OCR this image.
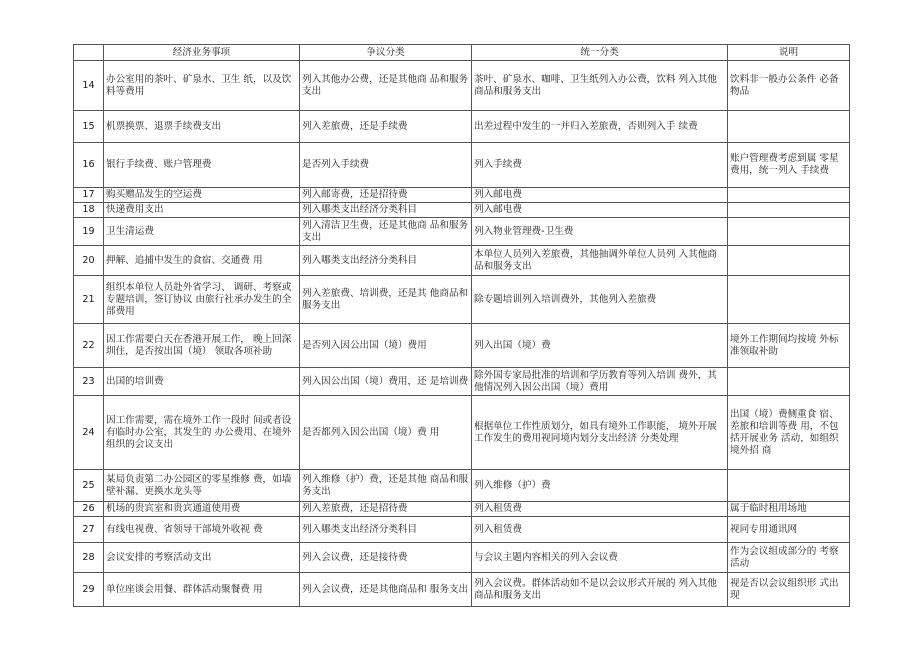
	经济业务事项	争议分类	统一分类	说明
14	办公室用的茶叶、矿泉水、卫生 纸，以及饮料等费用	列入其他办公费，还是其他商 品和服务支出	茶叶、矿泉水、咖啡、卫生纸列入办公费，饮料 列入其他商品和服务支出	饮料非一般办公条件 必备物品
15	机票换票、退票手续费支出	列入差旅费，还是手续费	出差过程中发生的一并归入差旅费，否则列入手 续费	
16	银行手续费、账户管理费	是否列入手续费	列入手续费	账户管理费考虑到属 零星费用，统一列入 手续费
17	购买赠品发生的空运费	列入邮寄费，还是招待费	列入邮电费	
18	快递费用支出	列入哪类支出经济分类科目	列入邮电费	
19	卫生清运费	列入清洁卫生费，还是其他商 品和服务支出	列入物业管理费-卫生费	
20	押解、追捕中发生的食宿、交通费 用	列入哪类支出经济分类科目	本单位人员列入差旅费，其他抽调外单位人员列 入其他商品和服务支出	
21	组织本单位人员赴外省学习、 调研、考察或专题培训，签订协议 由旅行社承办发生的全部费用	列入差旅费、培训费，还是其 他商品和服务支出	除专题培训列入培训费外，其他列入差旅费	
22	因工作需要白天在香港开展工作， 晚上回深圳住，是否按出国（境） 领取各项补助	是否列入因公出国（境）费用	列入出国（境）费	境外工作期间均按境 外标准领取补助
23	出国的培训费	列入因公出国（境）费用，还 是培训费	除外国专家局批准的培训和学历教育等列入培训 费外，其他情况列入因公出国（境）费用	
24	因工作需要，需在境外工作一段时 间或者设有临时办公室，其发生的 办公费用、在境外组织的会议支出	是否都列入因公出国（境）费 用	根据单位工作性质划分，如具有境外工作职能， 境外开展工作发生的费用视同境内划分支出经济 分类处理	出国（境）费侧重食 宿、差旅和培训等费 用，不包括开展业务 活动，如组织境外招 商
25	某局负责第二办公园区的零星维修 费，如墙壁补漏、更换水龙头等	列入维修（护）费，还是其他 商品和服务支出	列入维修（护）费	
26	机场的贵宾室和贵宾通道使用费	列入差旅费，还是招待费	列入租赁费	属于临时租用场地
27	有线电视费、省领导干部境外收视 费	列入哪类支出经济分类科目	列入租赁费	视同专用通讯网
28	会议安排的考察活动支出	列入会议费，还是接待费	与会议主题内容相关的列入会议费	作为会议组成部分的 考察活动
29	单位座谈会用餐、群体活动聚餐费 用	列入会议费，还是其他商品和 服务支出	列入会议费。群体活动如不是以会议形式开展的 列入其他商品和服务支出	视是否以会议组织形 式出现
